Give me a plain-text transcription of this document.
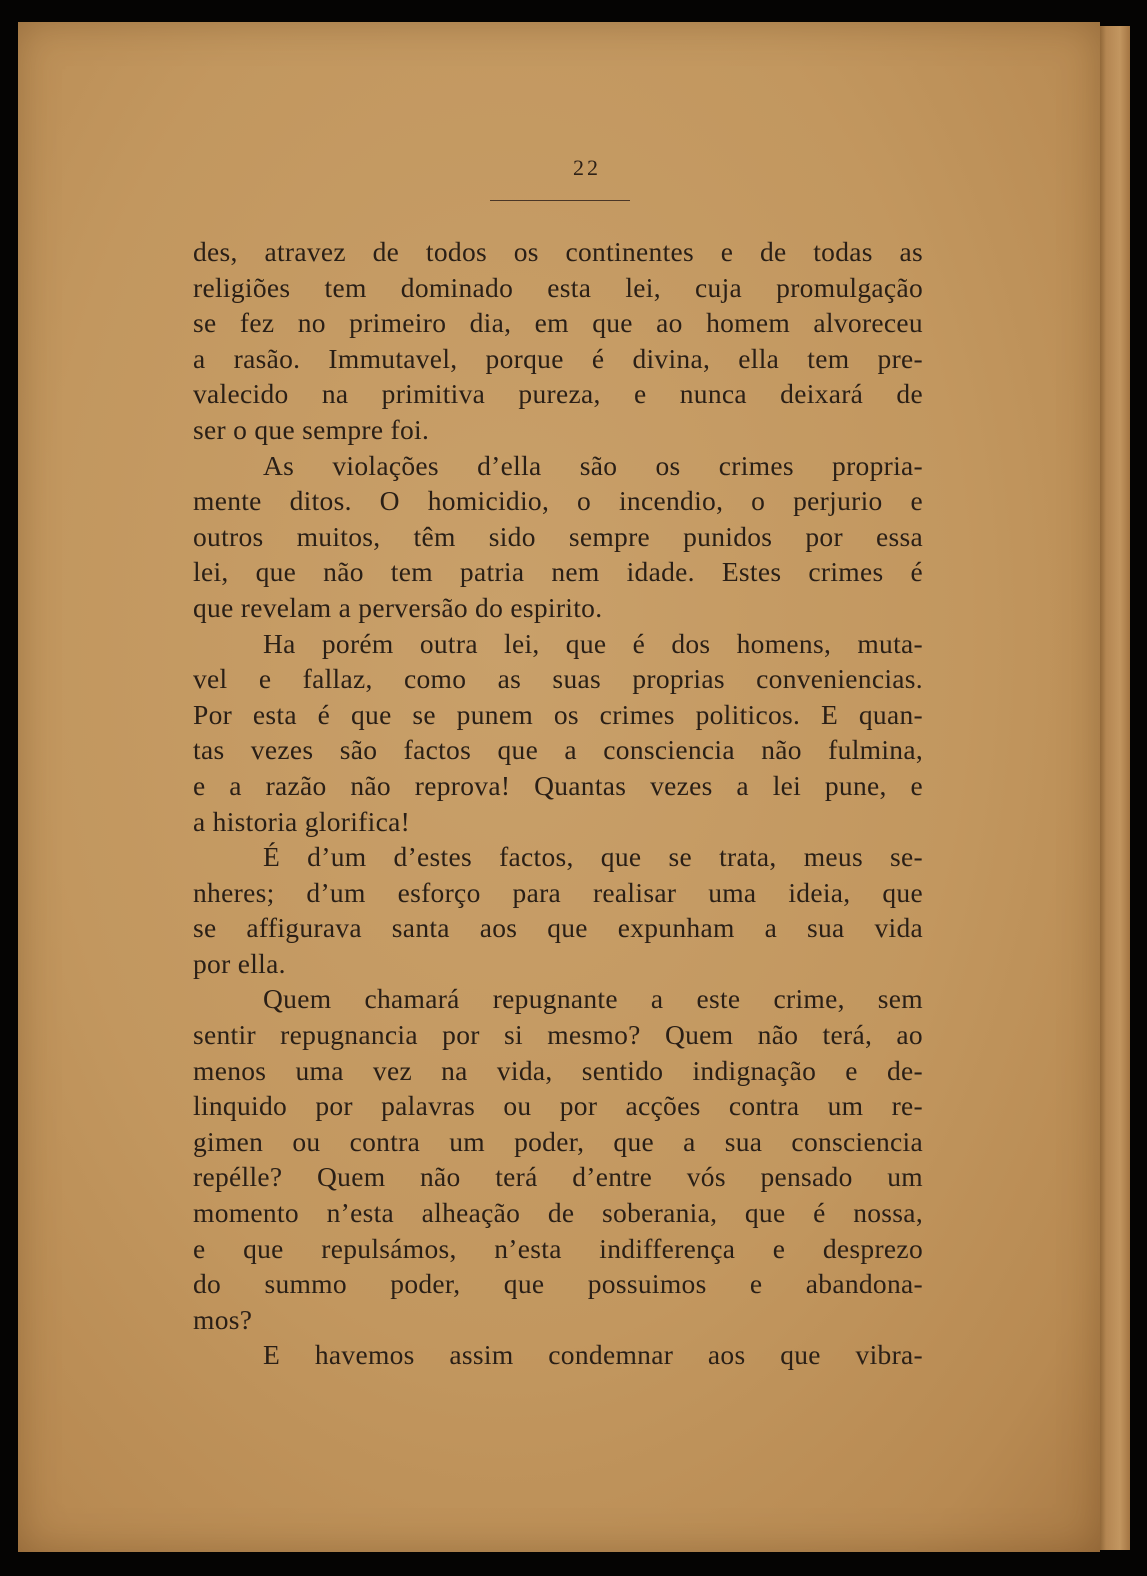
22
des, atravez de todos os continentes e de todas as
religiões tem dominado esta lei, cuja promulgação
se fez no primeiro dia, em que ao homem alvoreceu
a rasão. Immutavel, porque é divina, ella tem pre-
valecido na primitiva pureza, e nunca deixará de
ser o que sempre foi.
As violações d’ella são os crimes propria-
mente ditos. O homicidio, o incendio, o perjurio e
outros muitos, têm sido sempre punidos por essa
lei, que não tem patria nem idade. Estes crimes é
que revelam a perversão do espirito.
Ha porém outra lei, que é dos homens, muta-
vel e fallaz, como as suas proprias conveniencias.
Por esta é que se punem os crimes politicos. E quan-
tas vezes são factos que a consciencia não fulmina,
e a razão não reprova! Quantas vezes a lei pune, e
a historia glorifica!
É d’um d’estes factos, que se trata, meus se-
nheres; d’um esforço para realisar uma ideia, que
se affigurava santa aos que expunham a sua vida
por ella.
Quem chamará repugnante a este crime, sem
sentir repugnancia por si mesmo? Quem não terá, ao
menos uma vez na vida, sentido indignação e de-
linquido por palavras ou por acções contra um re-
gimen ou contra um poder, que a sua consciencia
repélle? Quem não terá d’entre vós pensado um
momento n’esta alheação de soberania, que é nossa,
e que repulsámos, n’esta indifferença e desprezo
do summo poder, que possuimos e abandona-
mos?
E havemos assim condemnar aos que vibra-
